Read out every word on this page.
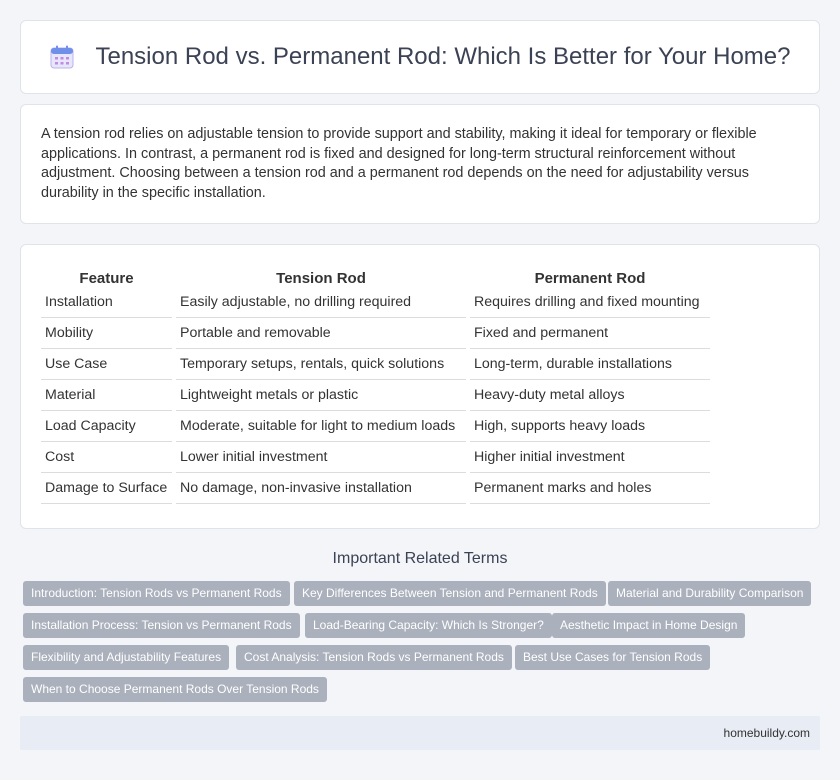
Tension Rod vs. Permanent Rod: Which Is Better for Your Home?

A tension rod relies on adjustable tension to provide support and stability, making it ideal for temporary or flexible applications. In contrast, a permanent rod is fixed and designed for long-term structural reinforcement without adjustment. Choosing between a tension rod and a permanent rod depends on the need for adjustability versus durability in the specific installation.

Feature	Tension Rod	Permanent Rod
Installation	Easily adjustable, no drilling required	Requires drilling and fixed mounting
Mobility	Portable and removable	Fixed and permanent
Use Case	Temporary setups, rentals, quick solutions	Long-term, durable installations
Material	Lightweight metals or plastic	Heavy-duty metal alloys
Load Capacity	Moderate, suitable for light to medium loads	High, supports heavy loads
Cost	Lower initial investment	Higher initial investment
Damage to Surface	No damage, non-invasive installation	Permanent marks and holes
Important Related Terms
Introduction: Tension Rods vs Permanent Rods	Key Differences Between Tension and Permanent Rods	Material and Durability Comparison
Installation Process: Tension vs Permanent Rods	Load-Bearing Capacity: Which Is Stronger?	Aesthetic Impact in Home Design
Flexibility and Adjustability Features	Cost Analysis: Tension Rods vs Permanent Rods	Best Use Cases for Tension Rods
When to Choose Permanent Rods Over Tension Rods
homebuildy.com
